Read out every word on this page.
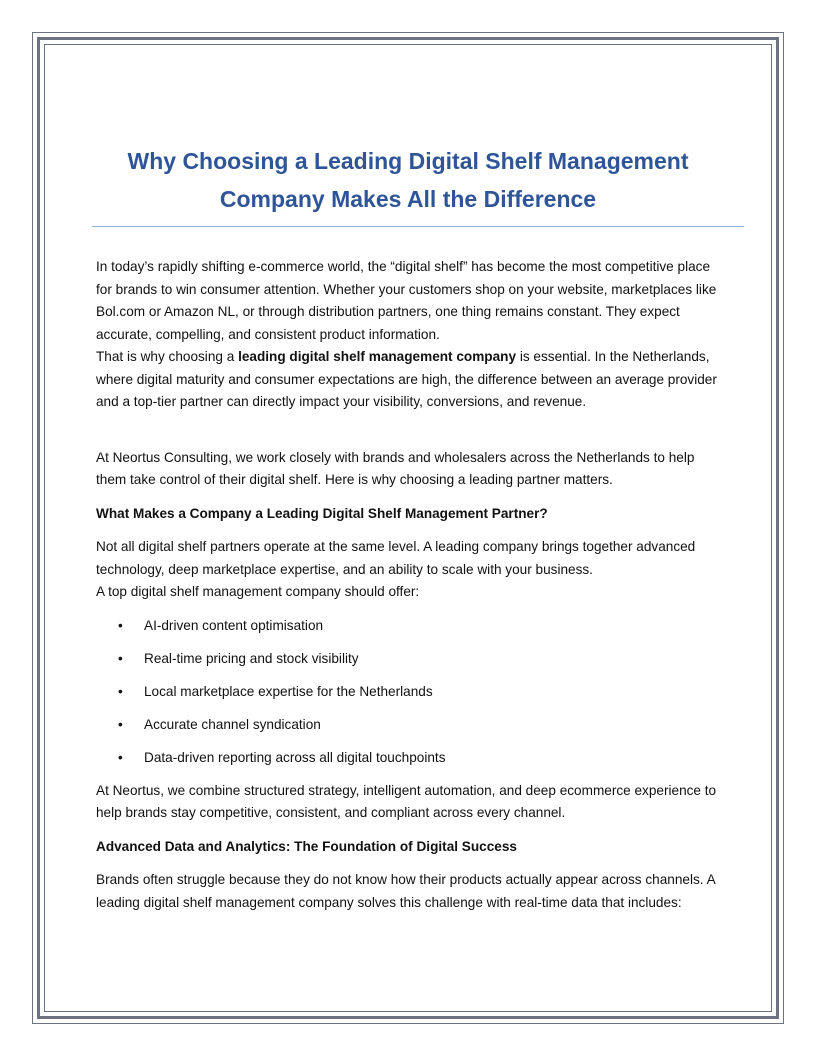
Why Choosing a Leading Digital Shelf Management
Company Makes All the Difference

In today’s rapidly shifting e-commerce world, the “digital shelf” has become the most competitive place for brands to win consumer attention. Whether your customers shop on your website, marketplaces like Bol.com or Amazon NL, or through distribution partners, one thing remains constant. They expect accurate, compelling, and consistent product information.

That is why choosing a leading digital shelf management company is essential. In the Netherlands, where digital maturity and consumer expectations are high, the difference between an average provider and a top-tier partner can directly impact your visibility, conversions, and revenue.

At Neortus Consulting, we work closely with brands and wholesalers across the Netherlands to help them take control of their digital shelf. Here is why choosing a leading partner matters.

What Makes a Company a Leading Digital Shelf Management Partner?

Not all digital shelf partners operate at the same level. A leading company brings together advanced technology, deep marketplace expertise, and an ability to scale with your business.

A top digital shelf management company should offer:

• AI-driven content optimisation
• Real-time pricing and stock visibility
• Local marketplace expertise for the Netherlands
• Accurate channel syndication
• Data-driven reporting across all digital touchpoints

At Neortus, we combine structured strategy, intelligent automation, and deep ecommerce experience to help brands stay competitive, consistent, and compliant across every channel.

Advanced Data and Analytics: The Foundation of Digital Success

Brands often struggle because they do not know how their products actually appear across channels. A leading digital shelf management company solves this challenge with real-time data that includes:
